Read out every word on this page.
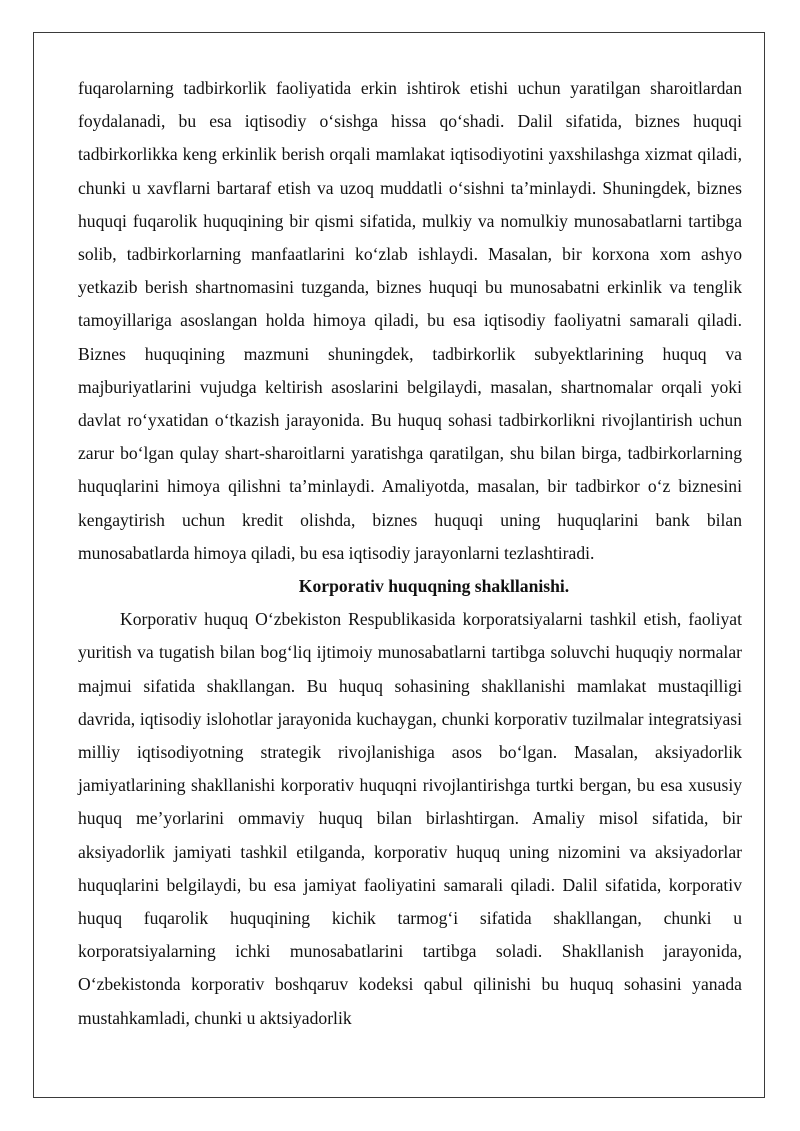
fuqarolarning tadbirkorlik faoliyatida erkin ishtirok etishi uchun yaratilgan sharoitlardan foydalanadi, bu esa iqtisodiy o‘sishga hissa qo‘shadi. Dalil sifatida, biznes huquqi tadbirkorlikka keng erkinlik berish orqali mamlakat iqtisodiyotini yaxshilashga xizmat qiladi, chunki u xavflarni bartaraf etish va uzoq muddatli o‘sishni ta’minlaydi. Shuningdek, biznes huquqi fuqarolik huquqining bir qismi sifatida, mulkiy va nomulkiy munosabatlarni tartibga solib, tadbirkorlarning manfaatlarini ko‘zlab ishlaydi. Masalan, bir korxona xom ashyo yetkazib berish shartnomasini tuzganda, biznes huquqi bu munosabatni erkinlik va tenglik tamoyillariga asoslangan holda himoya qiladi, bu esa iqtisodiy faoliyatni samarali qiladi. Biznes huquqining mazmuni shuningdek, tadbirkorlik subyektlarining huquq va majburiyatlarini vujudga keltirish asoslarini belgilaydi, masalan, shartnomalar orqali yoki davlat ro‘yxatidan o‘tkazish jarayonida. Bu huquq sohasi tadbirkorlikni rivojlantirish uchun zarur bo‘lgan qulay shart-sharoitlarni yaratishga qaratilgan, shu bilan birga, tadbirkorlarning huquqlarini himoya qilishni ta’minlaydi. Amaliyotda, masalan, bir tadbirkor o‘z biznesini kengaytirish uchun kredit olishda, biznes huquqi uning huquqlarini bank bilan munosabatlarda himoya qiladi, bu esa iqtisodiy jarayonlarni tezlashtiradi.

Korporativ huquqning shakllanishi.

Korporativ huquq O‘zbekiston Respublikasida korporatsiyalarni tashkil etish, faoliyat yuritish va tugatish bilan bog‘liq ijtimoiy munosabatlarni tartibga soluvchi huquqiy normalar majmui sifatida shakllangan. Bu huquq sohasining shakllanishi mamlakat mustaqilligi davrida, iqtisodiy islohotlar jarayonida kuchaygan, chunki korporativ tuzilmalar integratsiyasi milliy iqtisodiyotning strategik rivojlanishiga asos bo‘lgan. Masalan, aksiyadorlik jamiyatlarining shakllanishi korporativ huquqni rivojlantirishga turtki bergan, bu esa xususiy huquq me’yorlarini ommaviy huquq bilan birlashtirgan. Amaliy misol sifatida, bir aksiyadorlik jamiyati tashkil etilganda, korporativ huquq uning nizomini va aksiyadorlar huquqlarini belgilaydi, bu esa jamiyat faoliyatini samarali qiladi. Dalil sifatida, korporativ huquq fuqarolik huquqining kichik tarmog‘i sifatida shakllangan, chunki u korporatsiyalarning ichki munosabatlarini tartibga soladi. Shakllanish jarayonida, O‘zbekistonda korporativ boshqaruv kodeksi qabul qilinishi bu huquq sohasini yanada mustahkamladi, chunki u aktsiyadorlik
